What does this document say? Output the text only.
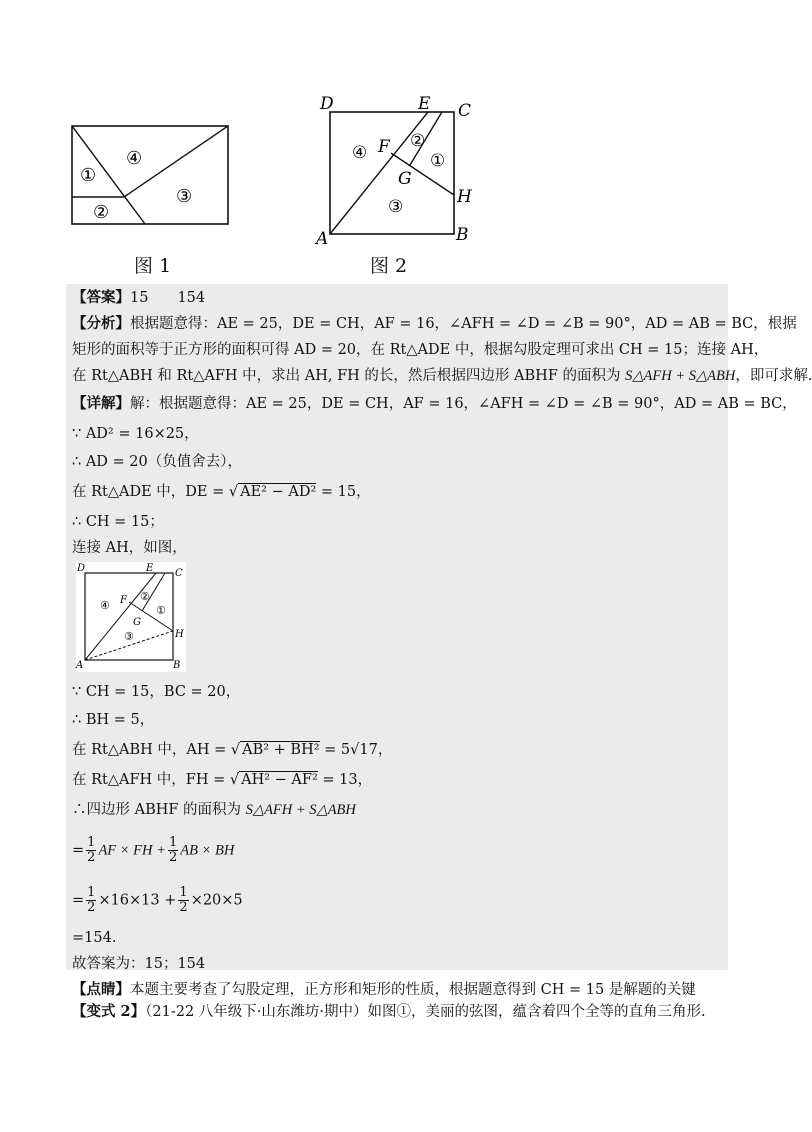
①
②
③
④
图 1
D	E C
F
G
H
A	B
①
②
③
④
图 2
【答案】15　　154
【分析】根据题意得：AE = 25，DE = CH，AF = 16，∠AFH = ∠D = ∠B = 90°，AD = AB = BC，根据
矩形的面积等于正方形的面积可得 AD = 20，在 Rt△ADE 中，根据勾股定理可求出 CH = 15；连接 AH，
在 Rt△ABH 和 Rt△AFH 中，求出 AH, FH 的长，然后根据四边形 ABHF 的面积为 S△AFH + S△ABH，即可求解.
【详解】解：根据题意得：AE = 25，DE = CH，AF = 16，∠AFH = ∠D = ∠B = 90°，AD = AB = BC，
∵ AD² = 16×25，
∴ AD = 20（负值舍去），
在 Rt△ADE 中，DE = √ AE² − AD² = 15，
∴ CH = 15；
连接 AH，如图，
D	E C
F
G
H
A	B
①
②
③
④
∵ CH = 15，BC = 20，
∴ BH = 5，
在 Rt△ABH 中，AH = √ AB² + BH² = 5√17，
在 Rt△AFH 中，FH = √ AH² − AF² = 13，
∴四边形 ABHF 的面积为 S△AFH + S△ABH
= $\frac{1}{2}$ AF × FH + $\frac{1}{2}$ AB × BH
= $\frac{1}{2} \times 16\times 13 + \frac{1}{2} \times 20\times 5$
=154.
故答案为：15；154
【点睛】本题主要考查了勾股定理，正方形和矩形的性质，根据题意得到 CH = 15 是解题的关键
【变式 2】（21-22 八年级下·山东潍坊·期中）如图①，美丽的弦图，蕴含着四个全等的直角三角形.
